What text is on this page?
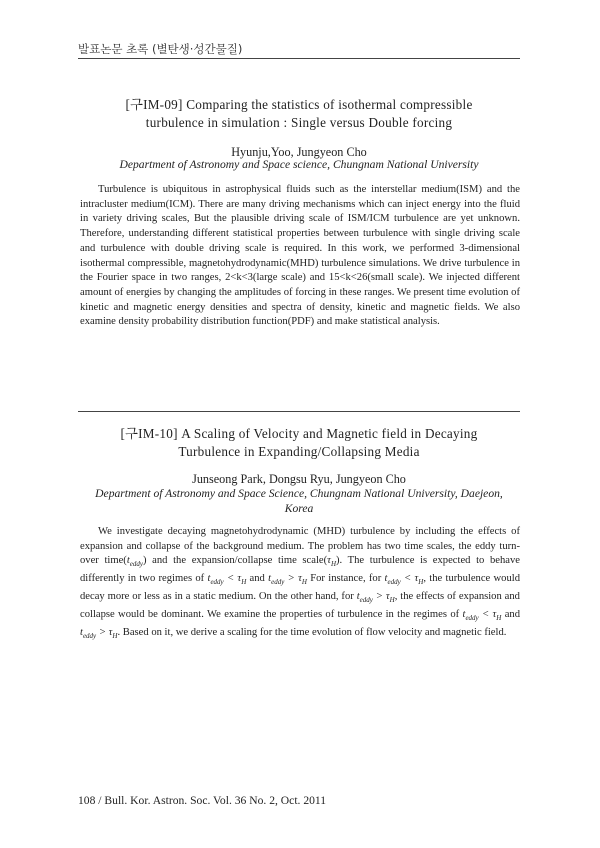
발표논문 초록 (별탄생·성간물질)
[구IM-09] Comparing the statistics of isothermal compressible
turbulence in simulation : Single versus Double forcing
Hyunju,Yoo, Jungyeon Cho
Department of Astronomy and Space science, Chungnam National University

Turbulence is ubiquitous in astrophysical fluids such as the interstellar medium(ISM) and the intracluster medium(ICM). There are many driving mechanisms which can inject energy into the fluid in variety driving scales, But the plausible driving scale of ISM/ICM turbulence are yet unknown. Therefore, understanding different statistical properties between turbulence with single driving scale and turbulence with double driving scale is required. In this work, we performed 3-dimensional isothermal compressible, magnetohydrodynamic(MHD) turbulence simulations. We drive turbulence in the Fourier space in two ranges, 2<k<3(large scale) and 15<k<26(small scale). We injected different amount of energies by changing the amplitudes of forcing in these ranges. We present time evolution of kinetic and magnetic energy densities and spectra of density, kinetic and magnetic fields. We also examine density probability distribution function(PDF) and make statistical analysis.

[구IM-10] A Scaling of Velocity and Magnetic field in Decaying
Turbulence in Expanding/Collapsing Media
Junseong Park, Dongsu Ryu, Jungyeon Cho
Department of Astronomy and Space Science, Chungnam National University, Daejeon,
Korea

We investigate decaying magnetohydrodynamic (MHD) turbulence by including the effects of expansion and collapse of the background medium. The problem has two time scales, the eddy turn-over $time(t_{eddy})$ and the expansion/collapse time $scale(\tau_H)$. The turbulence is expected to behave differently in two regimes of $t_{eddy} < \tau_H$ and $t_{eddy} > \tau_H$ For instance, for $t_{eddy} < \tau_H$, the turbulence would decay more or less as in a static medium. On the other hand, for $t_{eddy} > \tau_H$, the effects of expansion and collapse would be dominant. We examine the properties of turbulence in the regimes of $t_{eddy} < \tau_H$ and $t_{eddy} > \tau_H$. Based on it, we derive a scaling for the time evolution of flow velocity and magnetic field.

108 / Bull. Kor. Astron. Soc. Vol. 36 No. 2, Oct. 2011
